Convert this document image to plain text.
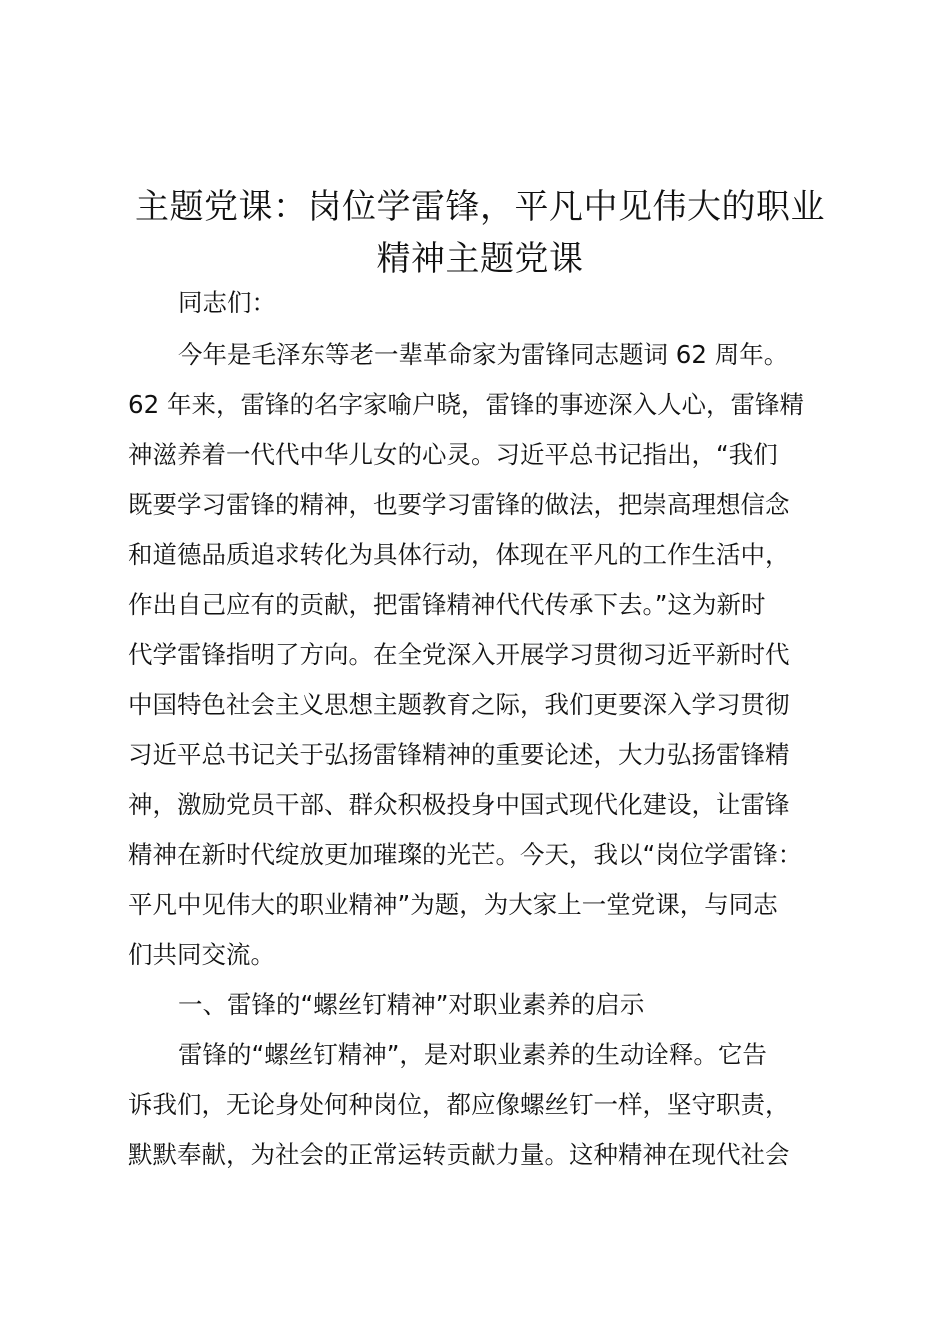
主题党课：岗位学雷锋，平凡中见伟大的职业
精神主题党课

同志们：

今年是毛泽东等老一辈革命家为雷锋同志题词 62 周年。

62 年来，雷锋的名字家喻户晓，雷锋的事迹深入人心，雷锋精

神滋养着一代代中华儿女的心灵。习近平总书记指出，“我们

既要学习雷锋的精神，也要学习雷锋的做法，把崇高理想信念

和道德品质追求转化为具体行动，体现在平凡的工作生活中，

作出自己应有的贡献，把雷锋精神代代传承下去。”这为新时

代学雷锋指明了方向。在全党深入开展学习贯彻习近平新时代

中国特色社会主义思想主题教育之际，我们更要深入学习贯彻

习近平总书记关于弘扬雷锋精神的重要论述，大力弘扬雷锋精

神，激励党员干部、群众积极投身中国式现代化建设，让雷锋

精神在新时代绽放更加璀璨的光芒。今天，我以“岗位学雷锋：

平凡中见伟大的职业精神”为题，为大家上一堂党课，与同志

们共同交流。

一、雷锋的“螺丝钉精神”对职业素养的启示

雷锋的“螺丝钉精神”，是对职业素养的生动诠释。它告

诉我们，无论身处何种岗位，都应像螺丝钉一样，坚守职责，

默默奉献，为社会的正常运转贡献力量。这种精神在现代社会
